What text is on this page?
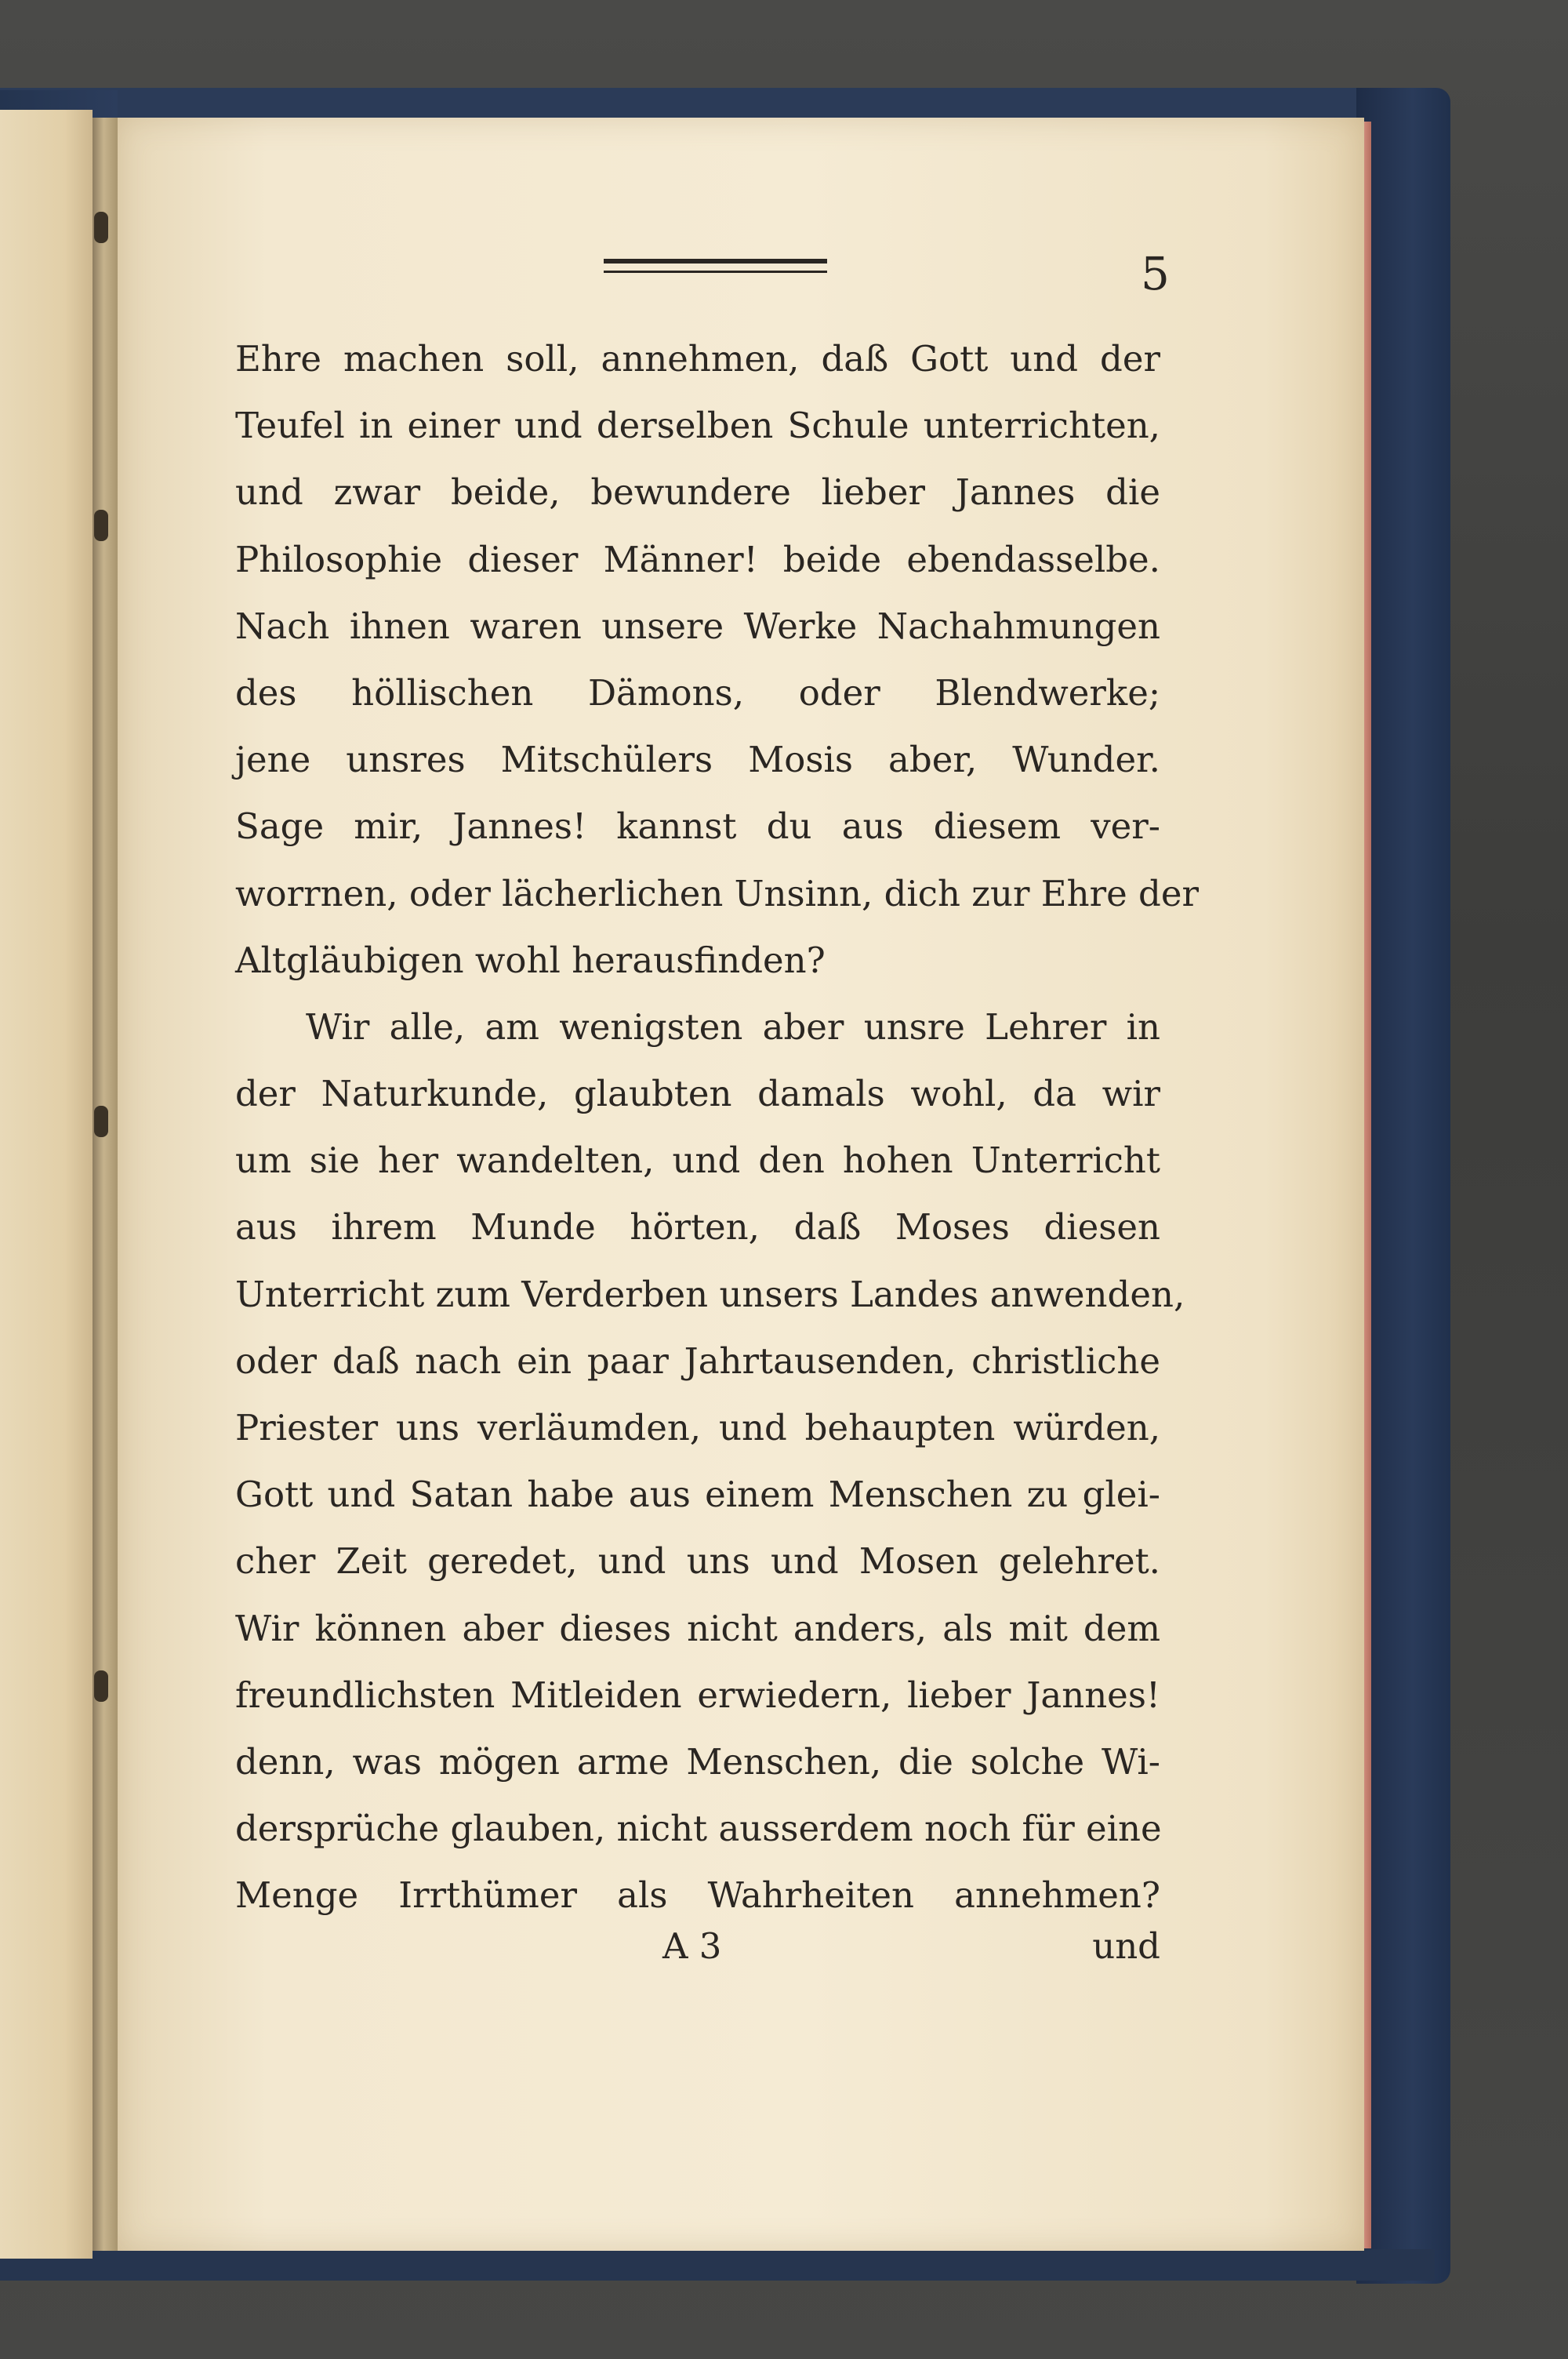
5
Ehre machen soll, annehmen, daß Gott und der
Teufel in einer und derselben Schule unterrichten,
und zwar beide, bewundere lieber Jannes die
Philosophie dieser Männer! beide ebendasselbe.
Nach ihnen waren unsere Werke Nachahmungen
des höllischen Dämons, oder Blendwerke;
jene unsres Mitschülers Mosis aber, Wunder.
Sage mir, Jannes! kannst du aus diesem ver-
worrnen, oder lächerlichen Unsinn, dich zur Ehre der
Altgläubigen wohl herausfinden?
Wir alle, am wenigsten aber unsre Lehrer in
der Naturkunde, glaubten damals wohl, da wir
um sie her wandelten, und den hohen Unterricht
aus ihrem Munde hörten, daß Moses diesen
Unterricht zum Verderben unsers Landes anwenden,
oder daß nach ein paar Jahrtausenden, christliche
Priester uns verläumden, und behaupten würden,
Gott und Satan habe aus einem Menschen zu glei-
cher Zeit geredet, und uns und Mosen gelehret.
Wir können aber dieses nicht anders, als mit dem
freundlichsten Mitleiden erwiedern, lieber Jannes!
denn, was mögen arme Menschen, die solche Wi-
dersprüche glauben, nicht ausserdem noch für eine
Menge Irrthümer als Wahrheiten annehmen?
A 3	und
